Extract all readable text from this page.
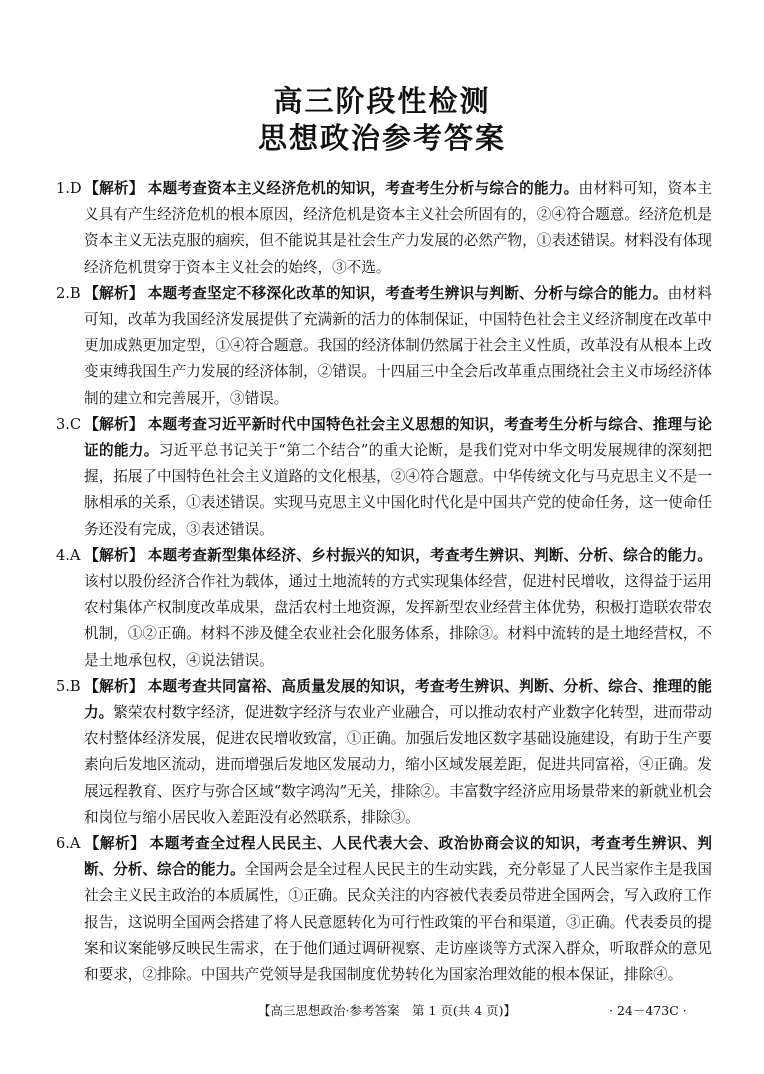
高三阶段性检测
思想政治参考答案
1.D 【解析】 本题考查资本主义经济危机的知识，考查考生分析与综合的能力。由材料可知，资本主义具有产生经济危机的根本原因，经济危机是资本主义社会所固有的，②④符合题意。经济危机是资本主义无法克服的痼疾，但不能说其是社会生产力发展的必然产物，①表述错误。材料没有体现经济危机贯穿于资本主义社会的始终，③不选。
2.B 【解析】 本题考查坚定不移深化改革的知识，考查考生辨识与判断、分析与综合的能力。由材料可知，改革为我国经济发展提供了充满新的活力的体制保证，中国特色社会主义经济制度在改革中更加成熟更加定型，①④符合题意。我国的经济体制仍然属于社会主义性质，改革没有从根本上改变束缚我国生产力发展的经济体制，②错误。十四届三中全会后改革重点围绕社会主义市场经济体制的建立和完善展开，③错误。
3.C 【解析】 本题考查习近平新时代中国特色社会主义思想的知识，考查考生分析与综合、推理与论证的能力。习近平总书记关于“第二个结合”的重大论断，是我们党对中华文明发展规律的深刻把握，拓展了中国特色社会主义道路的文化根基，②④符合题意。中华传统文化与马克思主义不是一脉相承的关系，①表述错误。实现马克思主义中国化时代化是中国共产党的使命任务，这一使命任务还没有完成，③表述错误。
4.A 【解析】 本题考查新型集体经济、乡村振兴的知识，考查考生辨识、判断、分析、综合的能力。该村以股份经济合作社为载体，通过土地流转的方式实现集体经营，促进村民增收，这得益于运用农村集体产权制度改革成果，盘活农村土地资源，发挥新型农业经营主体优势，积极打造联农带农机制，①②正确。材料不涉及健全农业社会化服务体系，排除③。材料中流转的是土地经营权，不是土地承包权，④说法错误。
5.B 【解析】 本题考查共同富裕、高质量发展的知识，考查考生辨识、判断、分析、综合、推理的能力。繁荣农村数字经济，促进数字经济与农业产业融合，可以推动农村产业数字化转型，进而带动农村整体经济发展，促进农民增收致富，①正确。加强后发地区数字基础设施建设，有助于生产要素向后发地区流动，进而增强后发地区发展动力，缩小区域发展差距，促进共同富裕，④正确。发展远程教育、医疗与弥合区域“数字鸿沟”无关，排除②。丰富数字经济应用场景带来的新就业机会和岗位与缩小居民收入差距没有必然联系，排除③。
6.A 【解析】 本题考查全过程人民民主、人民代表大会、政治协商会议的知识，考查考生辨识、判断、分析、综合的能力。全国两会是全过程人民民主的生动实践，充分彰显了人民当家作主是我国社会主义民主政治的本质属性，①正确。民众关注的内容被代表委员带进全国两会，写入政府工作报告，这说明全国两会搭建了将人民意愿转化为可行性政策的平台和渠道，③正确。代表委员的提案和议案能够反映民生需求，在于他们通过调研视察、走访座谈等方式深入群众，听取群众的意见和要求，②排除。中国共产党领导是我国制度优势转化为国家治理效能的根本保证，排除④。
【高三思想政治·参考答案　第 1 页(共 4 页)】	· 24－473C ·
